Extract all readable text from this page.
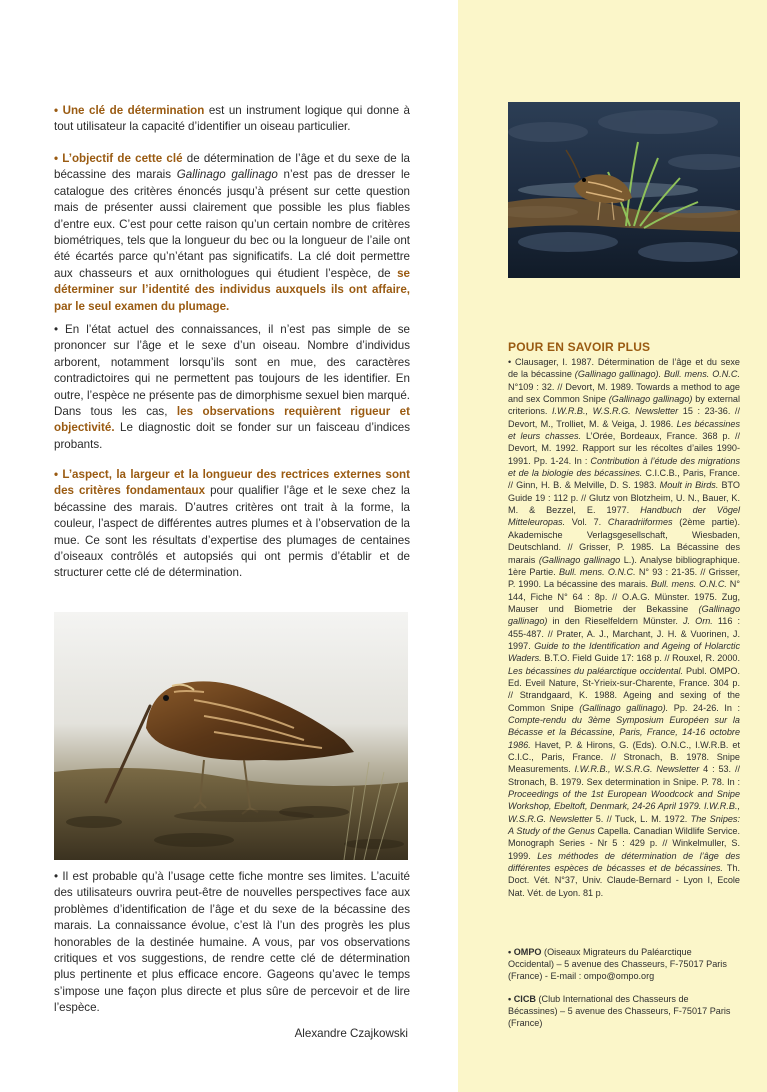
• Une clé de détermination est un instrument logique qui donne à tout utilisateur la capacité d’identifier un oiseau particulier.

• L’objectif de cette clé de détermination de l’âge et du sexe de la bécassine des marais Gallinago gallinago n’est pas de dresser le catalogue des critères énoncés jusqu’à présent sur cette question mais de présenter aussi clairement que possible les plus fiables d’entre eux. C’est pour cette raison qu’un certain nombre de critères biométriques, tels que la longueur du bec ou la longueur de l’aile ont été écartés parce qu’n’étant pas significatifs. La clé doit permettre aux chasseurs et aux ornithologues qui étudient l’espèce, de se déterminer sur l’identité des individus auxquels ils ont affaire, par le seul examen du plumage.

• En l’état actuel des connaissances, il n’est pas simple de se prononcer sur l’âge et le sexe d’un oiseau. Nombre d’individus arborent, notamment lorsqu’ils sont en mue, des caractères contradictoires qui ne permettent pas toujours de les identifier. En outre, l’espèce ne présente pas de dimorphisme sexuel bien marqué. Dans tous les cas, les observations requièrent rigueur et objectivité. Le diagnostic doit se fonder sur un faisceau d’indices probants.

• L’aspect, la largeur et la longueur des rectrices externes sont des critères fondamentaux pour qualifier l’âge et le sexe chez la bécassine des marais. D’autres critères ont trait à la forme, la couleur, l’aspect de différentes autres plumes et à l’observation de la mue. Ce sont les résultats d’expertise des plumages de centaines d’oiseaux contrôlés et autopsiés qui ont permis d’établir et de structurer cette clé de détermination.

• Il est probable qu’à l’usage cette fiche montre ses limites. L’acuité des utilisateurs ouvrira peut-être de nouvelles perspectives face aux problèmes d’identification de l’âge et du sexe de la bécassine des marais. La connaissance évolue, c’est là l’un des progrès les plus honorables de la destinée humaine. A vous, par vos observations critiques et vos suggestions, de rendre cette clé de détermination plus pertinente et plus efficace encore. Gageons qu’avec le temps s’impose une façon plus directe et plus sûre de percevoir et de lire l’espèce.

Alexandre Czajkowski
POUR EN SAVOIR PLUS

• Clausager, I. 1987. Détermination de l’âge et du sexe de la bécassine (Gallinago gallinago). Bull. mens. O.N.C. N°109 : 32. // Devort, M. 1989. Towards a method to age and sex Common Snipe (Gallinago gallinago) by external criterions. I.W.R.B., W.S.R.G. Newsletter 15 : 23-36. // Devort, M., Trolliet, M. & Veiga, J. 1986. Les bécassines et leurs chasses. L’Orée, Bordeaux, France. 368 p. // Devort, M. 1992. Rapport sur les récoltes d’ailes 1990-1991. Pp. 1-24. In : Contribution à l’étude des migrations et de la biologie des bécassines. C.I.C.B., Paris, France. // Ginn, H. B. & Melville, D. S. 1983. Moult in Birds. BTO Guide 19 : 112 p. // Glutz von Blotzheim, U. N., Bauer, K. M. & Bezzel, E. 1977. Handbuch der Vögel Mitteleuropas. Vol. 7. Charadriiformes (2ème partie). Akademische Verlagsgesellschaft, Wiesbaden, Deutschland. // Grisser, P. 1985. La Bécassine des marais (Gallinago gallinago L.). Analyse bibliographique. 1ère Partie. Bull. mens. O.N.C. N° 93 : 21-35. // Grisser, P. 1990. La bécassine des marais. Bull. mens. O.N.C. N° 144, Fiche N° 64 : 8p. // O.A.G. Münster. 1975. Zug, Mauser und Biometrie der Bekassine (Gallinago gallinago) in den Rieselfeldern Münster. J. Orn. 116 : 455-487. // Prater, A. J., Marchant, J. H. & Vuorinen, J. 1997. Guide to the Identification and Ageing of Holarctic Waders. B.T.O. Field Guide 17: 168 p. // Rouxel, R. 2000. Les bécassines du paléarctique occidental. Publ. OMPO. Ed. Eveil Nature, St-Yrieix-sur-Charente, France. 304 p. // Strandgaard, K. 1988. Ageing and sexing of the Common Snipe (Gallinago gallinago). Pp. 24-26. In : Compte-rendu du 3ème Symposium Européen sur la Bécasse et la Bécassine, Paris, France, 14-16 octobre 1986. Havet, P. & Hirons, G. (Eds). O.N.C., I.W.R.B. et C.I.C., Paris, France. // Stronach, B. 1978. Snipe Measurements. I.W.R.B., W.S.R.G. Newsletter 4 : 53. // Stronach, B. 1979. Sex determination in Snipe. P. 78. In : Proceedings of the 1st European Woodcock and Snipe Workshop, Ebeltoft, Denmark, 24-26 April 1979. I.W.R.B., W.S.R.G. Newsletter 5. // Tuck, L. M. 1972. The Snipes: A Study of the Genus Capella. Canadian Wildlife Service. Monograph Series - Nr 5 : 429 p. // Winkelmuller, S. 1999. Les méthodes de détermination de l’âge des différentes espèces de bécasses et de bécassines. Th. Doct. Vét. N°37, Univ. Claude-Bernard - Lyon I, Ecole Nat. Vét. de Lyon. 81 p.

• OMPO (Oiseaux Migrateurs du Paléarctique Occidental) – 5 avenue des Chasseurs, F-75017 Paris (France) - E-mail : ompo@ompo.org

• CICB (Club International des Chasseurs de Bécassines) – 5 avenue des Chasseurs, F-75017 Paris (France)
